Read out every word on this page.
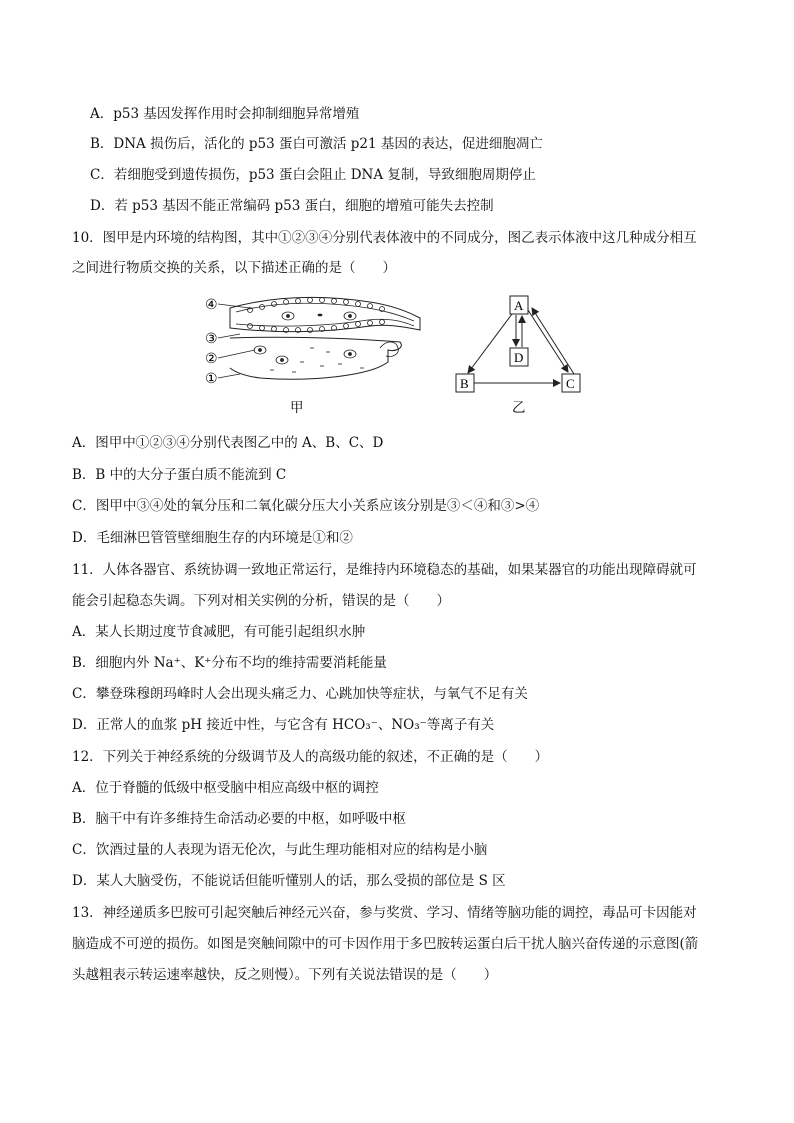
A．p53 基因发挥作用时会抑制细胞异常增殖
B．DNA 损伤后，活化的 p53 蛋白可激活 p21 基因的表达，促进细胞凋亡
C．若细胞受到遗传损伤，p53 蛋白会阻止 DNA 复制，导致细胞周期停止
D．若 p53 基因不能正常编码 p53 蛋白，细胞的增殖可能失去控制
10．图甲是内环境的结构图，其中①②③④分别代表体液中的不同成分，图乙表示体液中这几种成分相互
之间进行物质交换的关系，以下描述正确的是（　　）
④
③
②
①
甲
A
D
B	C
乙
A．图甲中①②③④分别代表图乙中的 A、B、C、D
B．B 中的大分子蛋白质不能流到 C
C．图甲中③④处的氧分压和二氧化碳分压大小关系应该分别是③＜④和③>④
D．毛细淋巴管管壁细胞生存的内环境是①和②
11．人体各器官、系统协调一致地正常运行，是维持内环境稳态的基础，如果某器官的功能出现障碍就可
能会引起稳态失调。下列对相关实例的分析，错误的是（　　）
A．某人长期过度节食减肥，有可能引起组织水肿
B．细胞内外 Na⁺、K⁺分布不均的维持需要消耗能量
C．攀登珠穆朗玛峰时人会出现头痛乏力、心跳加快等症状，与氧气不足有关
D．正常人的血浆 pH 接近中性，与它含有 HCO₃⁻、NO₃⁻等离子有关
12．下列关于神经系统的分级调节及人的高级功能的叙述，不正确的是（　　）
A．位于脊髓的低级中枢受脑中相应高级中枢的调控
B．脑干中有许多维持生命活动必要的中枢，如呼吸中枢
C．饮酒过量的人表现为语无伦次，与此生理功能相对应的结构是小脑
D．某人大脑受伤，不能说话但能听懂别人的话，那么受损的部位是 S 区
13．神经递质多巴胺可引起突触后神经元兴奋，参与奖赏、学习、情绪等脑功能的调控，毒品可卡因能对
脑造成不可逆的损伤。如图是突触间隙中的可卡因作用于多巴胺转运蛋白后干扰人脑兴奋传递的示意图(箭
头越粗表示转运速率越快，反之则慢）。下列有关说法错误的是（　　）
